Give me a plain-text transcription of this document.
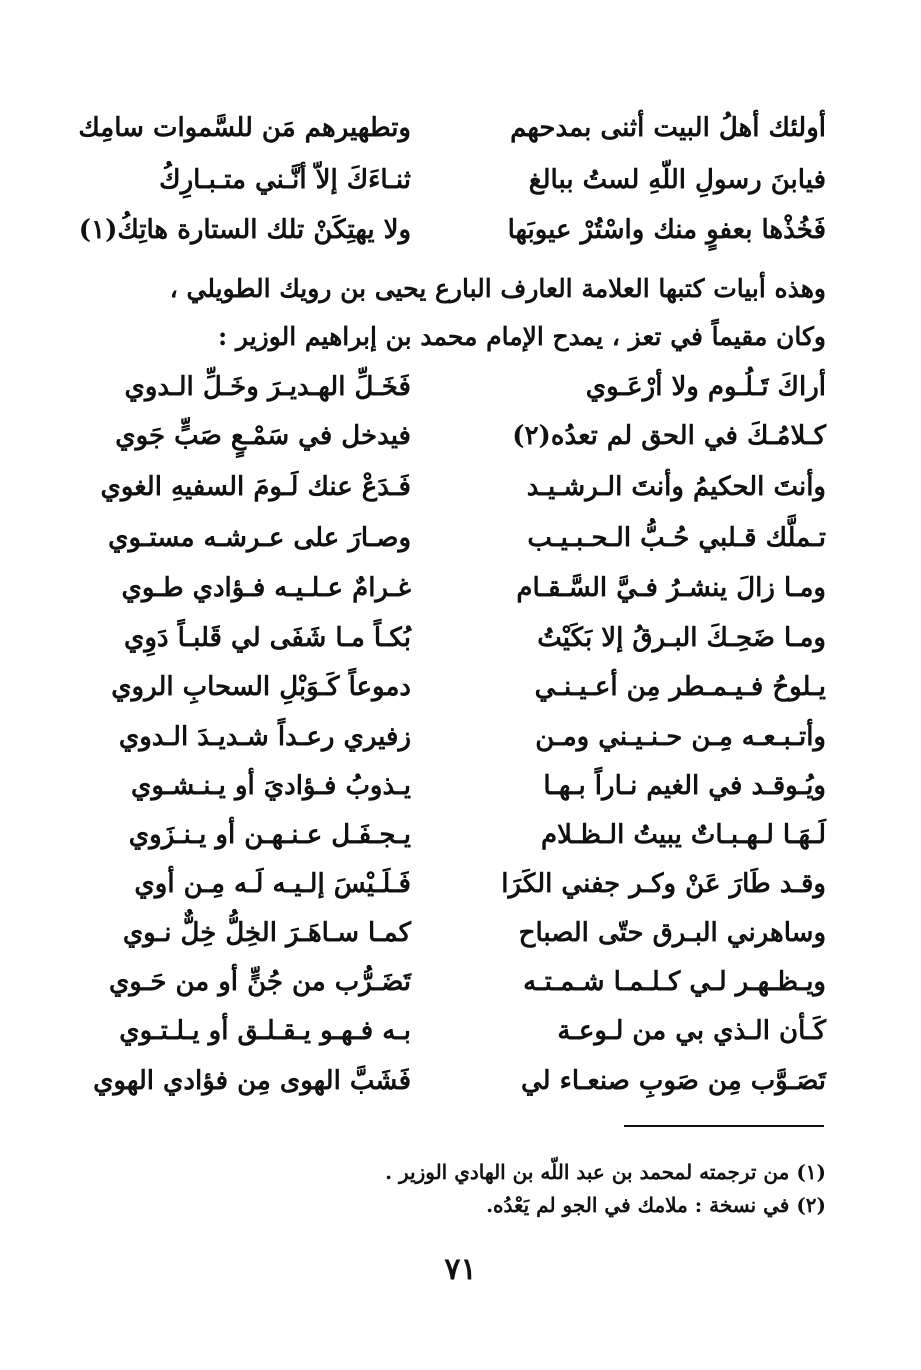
أولئك أهلُ البيت أثنى بمدحهم
وتطهيرهم مَن للسَّموات سامِك
فيابنَ رسولِ اللّهِ لستُ ببالغ
ثنـاءَكَ إلاّ أنَّـني متـبـارِكُ
فَخُذْها بعفوٍ منك واسْتُرْ عيوبَها
ولا يهتِكَنْ تلك الستارة هاتِكُ(١)
وهذه أبيات كتبها العلامة العارف البارع يحيى بن رويك الطويلي ،
وكان مقيماً في تعز ، يمدح الإمام محمد بن إبراهيم الوزير :
أراكَ تَـلُـوم ولا أرْعَـوي
فَخَـلِّ الهـديـرَ وخَـلِّ الـدوي
كـلامُـكَ في الحق لم تعدُه(٢)
فيدخل في سَمْـعٍ صَبٍّ جَوي
وأنتَ الحكيمُ وأنتَ الـرشـيـد
فَـدَعْ عنك لَـومَ السفيهِ الغوي
تـملَّك قـلبي حُـبُّ الـحـبـيـب
وصـارَ على عـرشـه مستـوي
ومـا زالَ ينشـرُ فـيَّ السَّـقـام
غـرامٌ عـلـيـه فـؤادي طـوي
ومـا ضَحِـكَ البـرقُ إلا بَكَيْتُ
بُكـاً مـا شَفَى لي قَلبـاً دَوِي
يـلوحُ فـيـمـطر مِن أعـيـنـي
دموعاً كَـوَبْلِ السحابِ الروي
وأتـبـعـه مِـن حـنـيـني ومـن
زفيري رعـداً شـديـدَ الـدوي
ويُـوقـد في الغيم نـاراً بـهـا
يـذوبُ فـؤاديَ أو يـنـشـوي
لَـهَـا لـهـبـاتٌ يبيتُ الـظـلام
يـجـفَـل عـنـهـن أو يـنـزَوي
وقـد طَارَ عَنْ وكـر جفني الكَرَا
فَـلَـيْسَ إلـيـه لَـه مِـن أوي
وساهرني البـرق حتّى الصباح
كمـا سـاهَـرَ الخِلُّ خِلٌّ نـوي
ويـظـهـر لـي كـلـمـا شـمـتـه
تَضَـرُّب من جُنٍّ أو من حَـوي
كَـأن الـذي بي من لـوعـة
بـه فـهـو يـقـلـق أو يـلـتـوي
تَصَـوَّب مِن صَوبِ صنعـاء لي
فَشَبَّ الهوى مِن فؤادي الهوي
(١) من ترجمته لمحمد بن عبد اللّه بن الهادي الوزير .
(٢) في نسخة : ملامك في الجو لم يَعْدُه.
٧١
